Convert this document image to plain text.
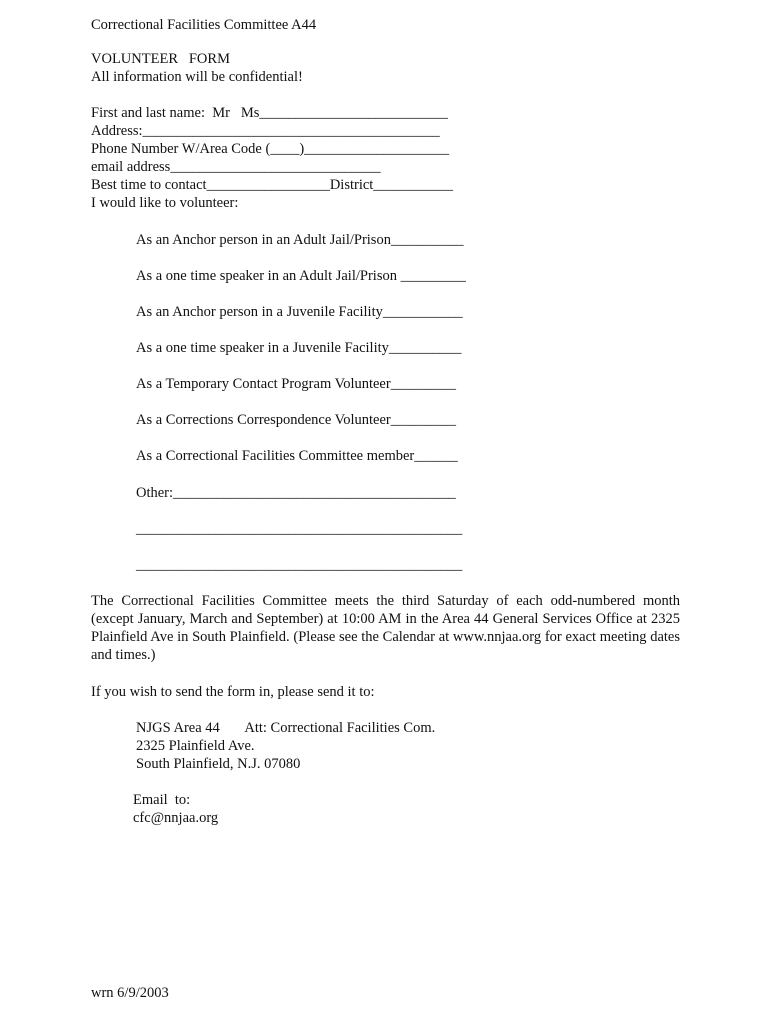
Correctional Facilities Committee A44
VOLUNTEER   FORM
All information will be confidential!
First and last name:  Mr   Ms__________________________
Address:_________________________________________
Phone Number W/Area Code (____)____________________
email address_____________________________
Best time to contact_________________District___________
I would like to volunteer:
As an Anchor person in an Adult Jail/Prison__________
As a one time speaker in an Adult Jail/Prison _________
As an Anchor person in a Juvenile Facility___________
As a one time speaker in a Juvenile Facility__________
As a Temporary Contact Program Volunteer_________
As a Corrections Correspondence Volunteer_________
As a Correctional Facilities Committee member______
Other:_______________________________________
_____________________________________________
_____________________________________________
The Correctional Facilities Committee meets the third Saturday of each odd-numbered month (except January, March and September) at 10:00 AM in the Area 44 General Services Office at 2325 Plainfield Ave in South Plainfield. (Please see the Calendar at www.nnjaa.org for exact meeting dates and times.)
If you wish to send the form in, please send it to:
NJGS Area 44       Att: Correctional Facilities Com.
2325 Plainfield Ave.
South Plainfield, N.J. 07080
Email  to:
cfc@nnjaa.org
wrn 6/9/2003
